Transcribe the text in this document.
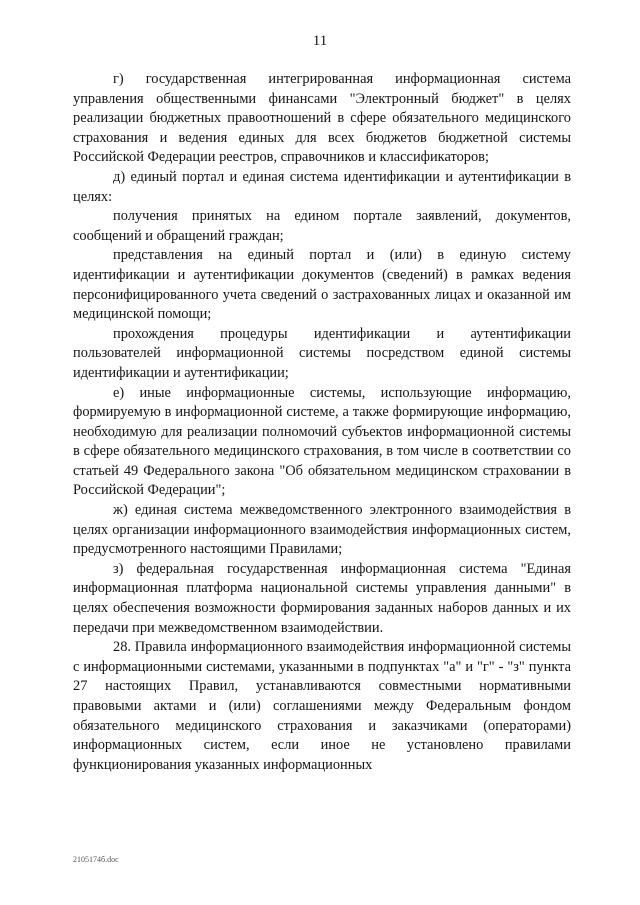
11

г) государственная интегрированная информационная система управления общественными финансами "Электронный бюджет" в целях реализации бюджетных правоотношений в сфере обязательного медицинского страхования и ведения единых для всех бюджетов бюджетной системы Российской Федерации реестров, справочников и классификаторов;

д) единый портал и единая система идентификации и аутентификации в целях:

получения принятых на едином портале заявлений, документов, сообщений и обращений граждан;

представления на единый портал и (или) в единую систему идентификации и аутентификации документов (сведений) в рамках ведения персонифицированного учета сведений о застрахованных лицах и оказанной им медицинской помощи;

прохождения процедуры идентификации и аутентификации пользователей информационной системы посредством единой системы идентификации и аутентификации;

е) иные информационные системы, использующие информацию, формируемую в информационной системе, а также формирующие информацию, необходимую для реализации полномочий субъектов информационной системы в сфере обязательного медицинского страхования, в том числе в соответствии со статьей 49 Федерального закона "Об обязательном медицинском страховании в Российской Федерации";

ж) единая система межведомственного электронного взаимодействия в целях организации информационного взаимодействия информационных систем, предусмотренного настоящими Правилами;

з) федеральная государственная информационная система "Единая информационная платформа национальной системы управления данными" в целях обеспечения возможности формирования заданных наборов данных и их передачи при межведомственном взаимодействии.

28. Правила информационного взаимодействия информационной системы с информационными системами, указанными в подпунктах "а" и "г" - "з" пункта 27 настоящих Правил, устанавливаются совместными нормативными правовыми актами и (или) соглашениями между Федеральным фондом обязательного медицинского страхования и заказчиками (операторами) информационных систем, если иное не установлено правилами функционирования указанных информационных

2105174б.doc
